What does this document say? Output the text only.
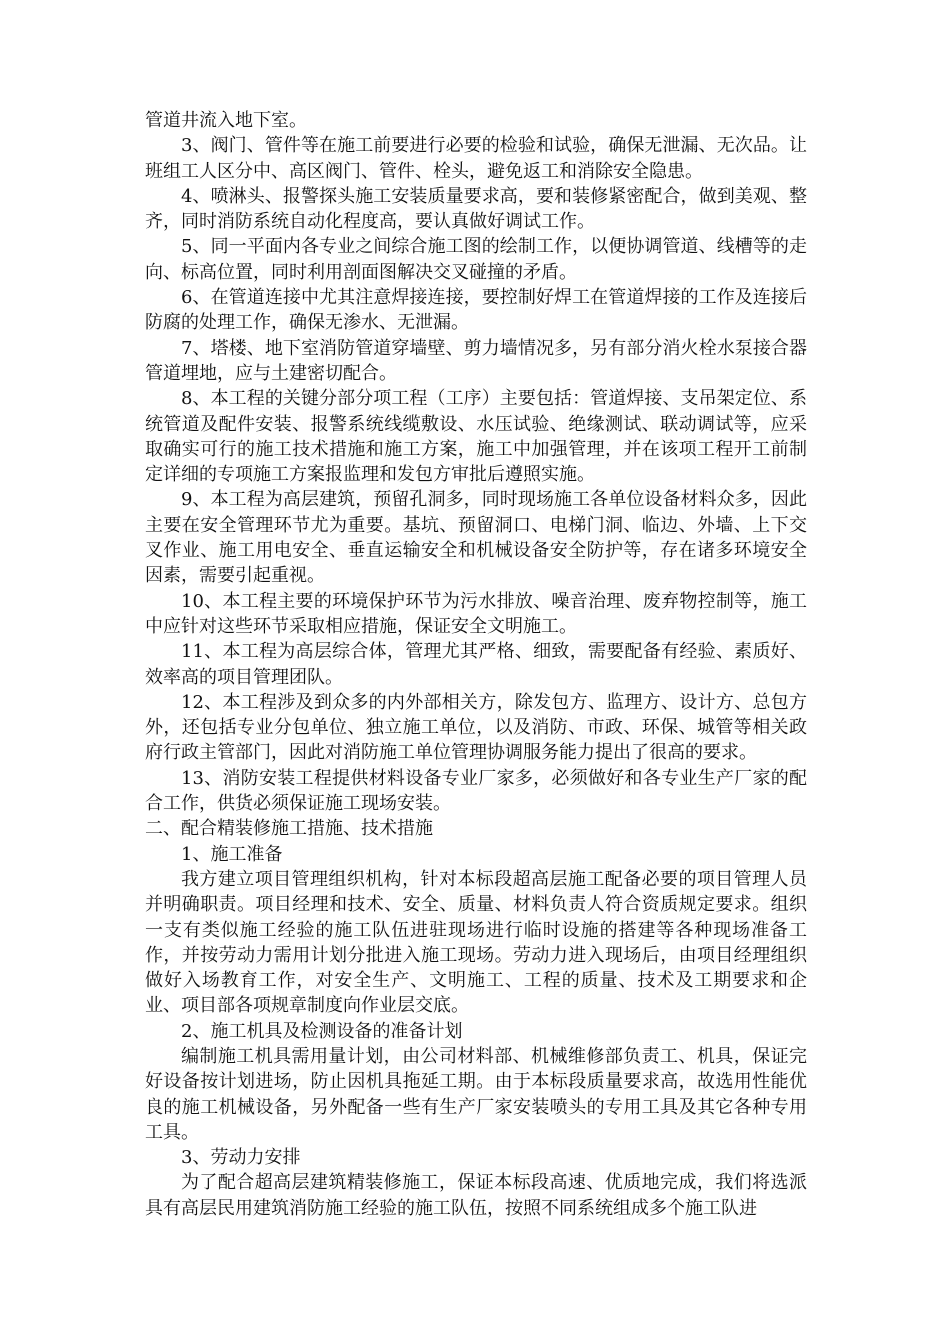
管道井流入地下室。

3、阀门、管件等在施工前要进行必要的检验和试验，确保无泄漏、无次品。让班组工人区分中、高区阀门、管件、栓头，避免返工和消除安全隐患。

4、喷淋头、报警探头施工安装质量要求高，要和装修紧密配合，做到美观、整齐，同时消防系统自动化程度高，要认真做好调试工作。

5、同一平面内各专业之间综合施工图的绘制工作，以便协调管道、线槽等的走向、标高位置，同时利用剖面图解决交叉碰撞的矛盾。

6、在管道连接中尤其注意焊接连接，要控制好焊工在管道焊接的工作及连接后防腐的处理工作，确保无渗水、无泄漏。

7、塔楼、地下室消防管道穿墙壁、剪力墙情况多，另有部分消火栓水泵接合器管道埋地，应与土建密切配合。

8、本工程的关键分部分项工程（工序）主要包括：管道焊接、支吊架定位、系统管道及配件安装、报警系统线缆敷设、水压试验、绝缘测试、联动调试等，应采取确实可行的施工技术措施和施工方案，施工中加强管理，并在该项工程开工前制定详细的专项施工方案报监理和发包方审批后遵照实施。

9、本工程为高层建筑，预留孔洞多，同时现场施工各单位设备材料众多，因此主要在安全管理环节尤为重要。基坑、预留洞口、电梯门洞、临边、外墙、上下交叉作业、施工用电安全、垂直运输安全和机械设备安全防护等，存在诸多环境安全因素，需要引起重视。

10、本工程主要的环境保护环节为污水排放、噪音治理、废弃物控制等，施工中应针对这些环节采取相应措施，保证安全文明施工。

11、本工程为高层综合体，管理尤其严格、细致，需要配备有经验、素质好、效率高的项目管理团队。

12、本工程涉及到众多的内外部相关方，除发包方、监理方、设计方、总包方外，还包括专业分包单位、独立施工单位，以及消防、市政、环保、城管等相关政府行政主管部门，因此对消防施工单位管理协调服务能力提出了很高的要求。

13、消防安装工程提供材料设备专业厂家多，必须做好和各专业生产厂家的配合工作，供货必须保证施工现场安装。

二、配合精装修施工措施、技术措施

1、施工准备

我方建立项目管理组织机构，针对本标段超高层施工配备必要的项目管理人员并明确职责。项目经理和技术、安全、质量、材料负责人符合资质规定要求。组织一支有类似施工经验的施工队伍进驻现场进行临时设施的搭建等各种现场准备工作，并按劳动力需用计划分批进入施工现场。劳动力进入现场后，由项目经理组织做好入场教育工作，对安全生产、文明施工、工程的质量、技术及工期要求和企业、项目部各项规章制度向作业层交底。

2、施工机具及检测设备的准备计划

编制施工机具需用量计划，由公司材料部、机械维修部负责工、机具，保证完好设备按计划进场，防止因机具拖延工期。由于本标段质量要求高，故选用性能优良的施工机械设备，另外配备一些有生产厂家安装喷头的专用工具及其它各种专用工具。

3、劳动力安排

为了配合超高层建筑精装修施工，保证本标段高速、优质地完成，我们将选派具有高层民用建筑消防施工经验的施工队伍，按照不同系统组成多个施工队进
